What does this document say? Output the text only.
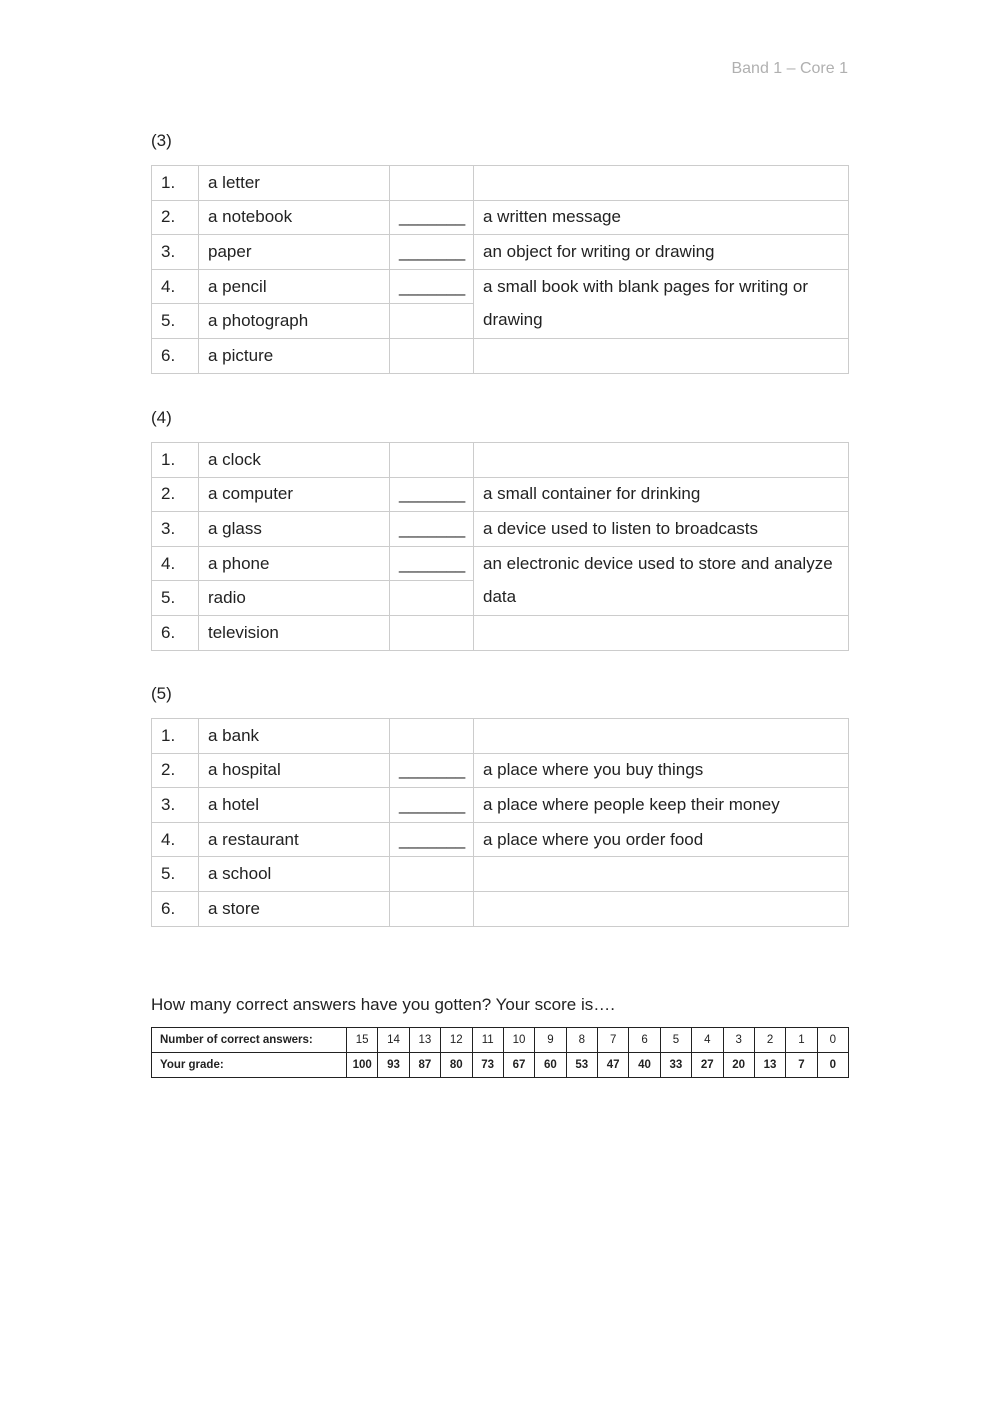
Band 1 – Core 1
(3)
1.	a letter		
2.	a notebook	_______	a written message
3.	paper	_______	an object for writing or drawing
4.	a pencil	_______	a small book with blank pages for writing or drawing
5.	a photograph		
6.	a picture		
(4)
1.	a clock		
2.	a computer	_______	a small container for drinking
3.	a glass	_______	a device used to listen to broadcasts
4.	a phone	_______	an electronic device used to store and analyze data
5.	radio		
6.	television		
(5)
1.	a bank		
2.	a hospital	_______	a place where you buy things
3.	a hotel	_______	a place where people keep their money
4.	a restaurant	_______	a place where you order food
5.	a school		
6.	a store		
How many correct answers have you gotten? Your score is….
Number of correct answers:	15	14	13	12	11	10	9	8	7	6	5	4	3	2	1	0
Your grade:	100	93	87	80	73	67	60	53	47	40	33	27	20	13	7	0
